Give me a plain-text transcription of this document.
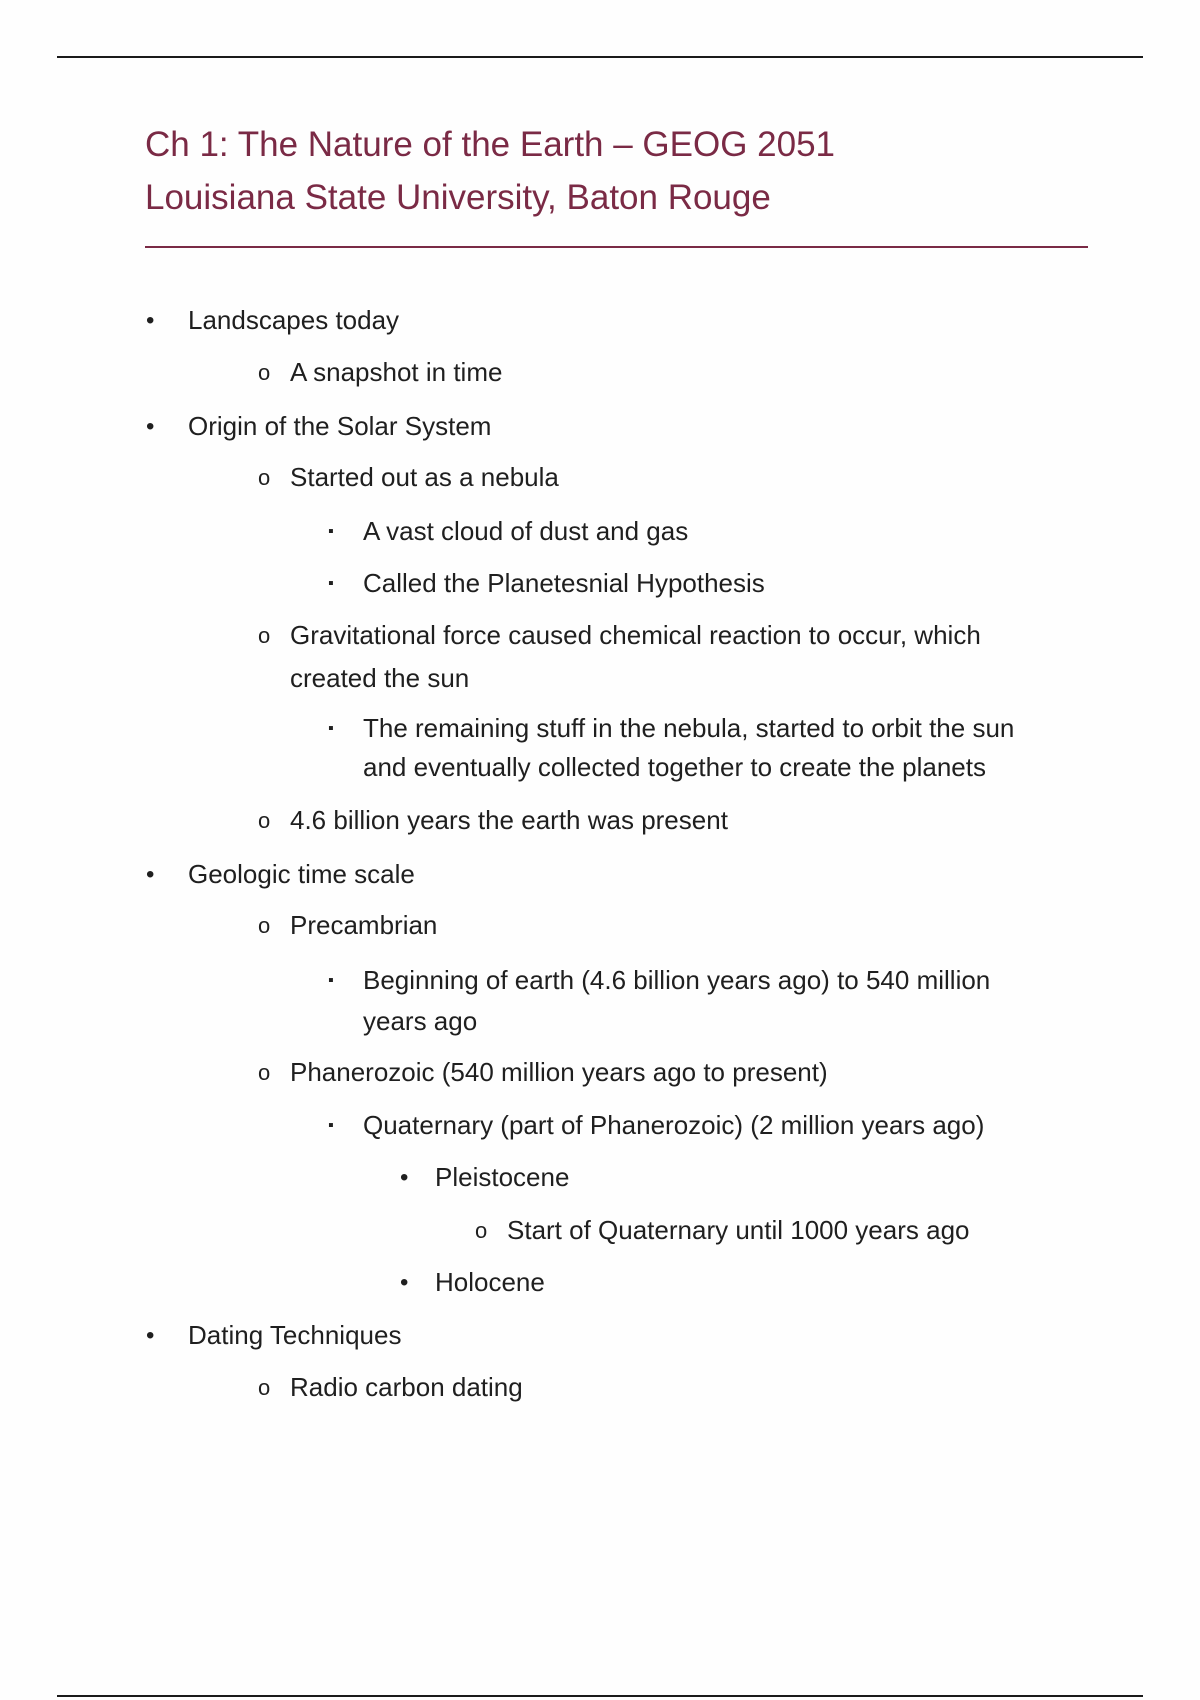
Ch 1: The Nature of the Earth – GEOG 2051
Louisiana State University, Baton Rouge
• Landscapes today
o A snapshot in time
• Origin of the Solar System
o Started out as a nebula
▪ A vast cloud of dust and gas
▪ Called the Planetesnial Hypothesis
o Gravitational force caused chemical reaction to occur, which
created the sun
▪ The remaining stuff in the nebula, started to orbit the sun
and eventually collected together to create the planets
o 4.6 billion years the earth was present
• Geologic time scale
o Precambrian
▪ Beginning of earth (4.6 billion years ago) to 540 million
years ago
o Phanerozoic (540 million years ago to present)
▪ Quaternary (part of Phanerozoic) (2 million years ago)
• Pleistocene
o Start of Quaternary until 1000 years ago
• Holocene
• Dating Techniques
o Radio carbon dating
